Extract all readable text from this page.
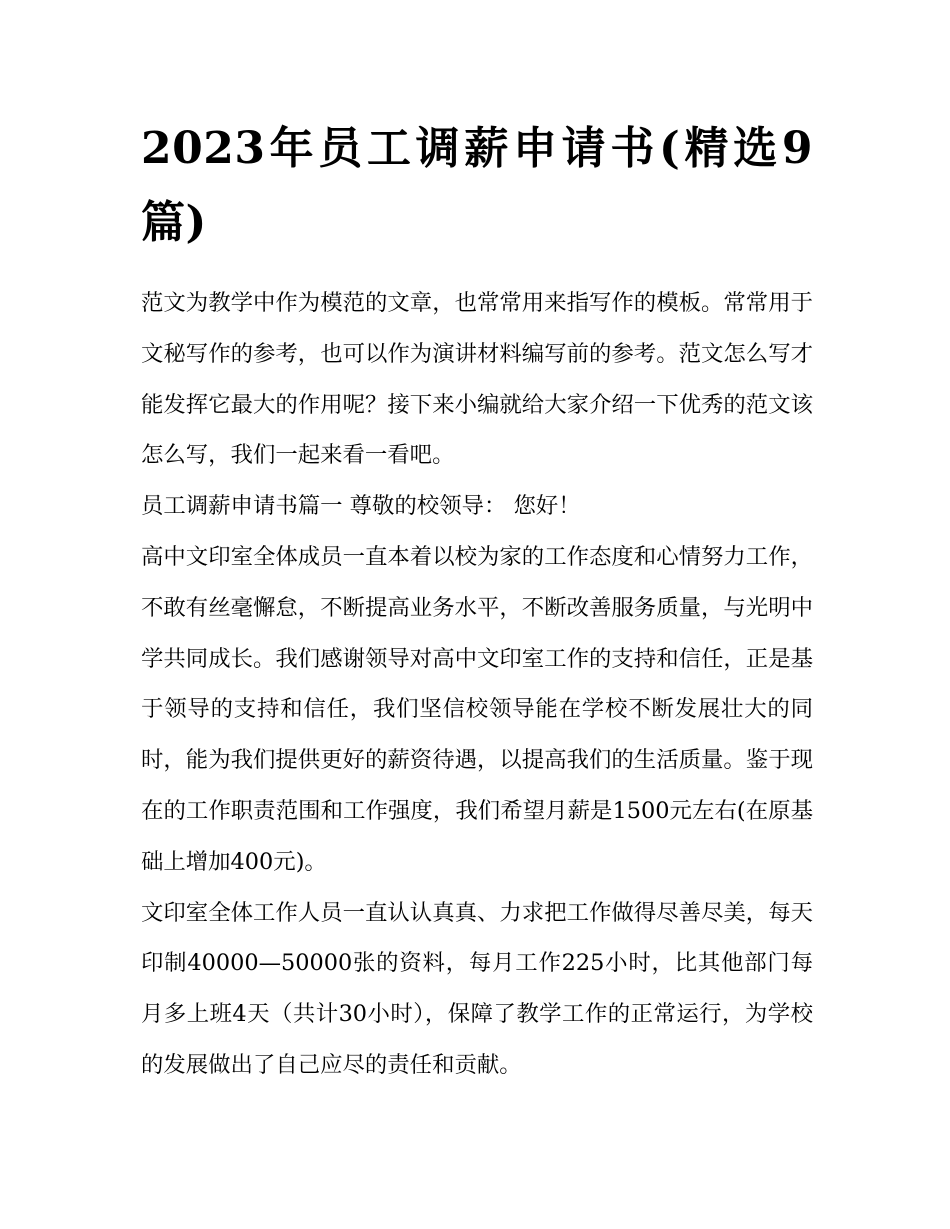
2023年员工调薪申请书(精选9篇)

范文为教学中作为模范的文章，也常常用来指写作的模板。常常用于文秘写作的参考，也可以作为演讲材料编写前的参考。范文怎么写才能发挥它最大的作用呢？接下来小编就给大家介绍一下优秀的范文该怎么写，我们一起来看一看吧。

员工调薪申请书篇一 尊敬的校领导： 您好！

高中文印室全体成员一直本着以校为家的工作态度和心情努力工作，不敢有丝毫懈怠，不断提高业务水平，不断改善服务质量，与光明中学共同成长。我们感谢领导对高中文印室工作的支持和信任，正是基于领导的支持和信任，我们坚信校领导能在学校不断发展壮大的同时，能为我们提供更好的薪资待遇，以提高我们的生活质量。鉴于现在的工作职责范围和工作强度，我们希望月薪是1500元左右(在原基础上增加400元)。

文印室全体工作人员一直认认真真、力求把工作做得尽善尽美，每天印制40000—50000张的资料，每月工作225小时，比其他部门每月多上班4天（共计30小时），保障了教学工作的正常运行，为学校的发展做出了自己应尽的责任和贡献。
